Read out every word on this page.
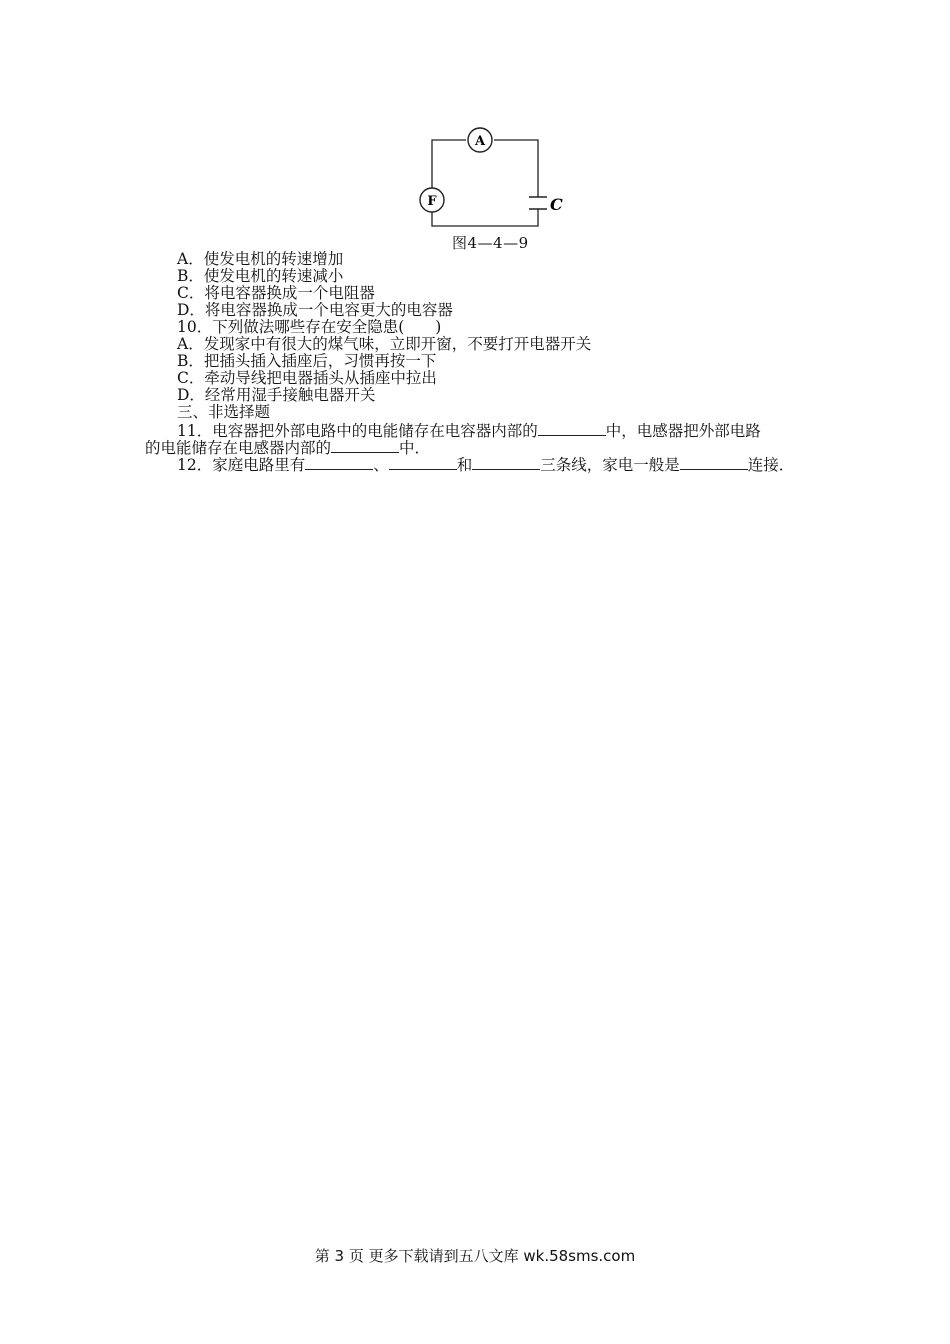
A
F	C
图4—4—9
A．使发电机的转速增加
B．使发电机的转速减小
C．将电容器换成一个电阻器
D．将电容器换成一个电容更大的电容器
10．下列做法哪些存在安全隐患(　　)
A．发现家中有很大的煤气味，立即开窗，不要打开电器开关
B．把插头插入插座后，习惯再按一下
C．牵动导线把电器插头从插座中拉出
D．经常用湿手接触电器开关
三、非选择题
11．电容器把外部电路中的电能储存在电容器内部的	中，电感器把外部电路
的电能储存在电感器内部的	中．
12．家庭电路里有	、	和	三条线，家电一般是	连接．
第 3 页 更多下载请到五八文库 wk.58sms.com
